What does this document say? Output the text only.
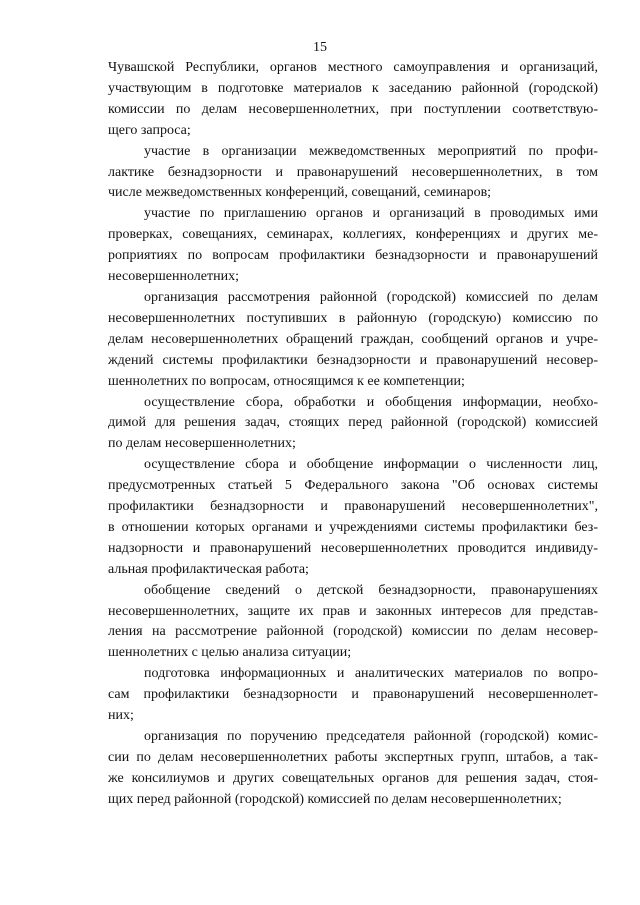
15

Чувашской Республики, органов местного самоуправления и организаций,
участвующим в подготовке материалов к заседанию районной (городской)
комиссии по делам несовершеннолетних, при поступлении соответствую-
щего запроса;

участие в организации межведомственных мероприятий по профи-
лактике безнадзорности и правонарушений несовершеннолетних, в том
числе межведомственных конференций, совещаний, семинаров;

участие по приглашению органов и организаций в проводимых ими
проверках, совещаниях, семинарах, коллегиях, конференциях и других ме-
роприятиях по вопросам профилактики безнадзорности и правонарушений
несовершеннолетних;

организация рассмотрения районной (городской) комиссией по делам
несовершеннолетних поступивших в районную (городскую) комиссию по
делам несовершеннолетних обращений граждан, сообщений органов и учре-
ждений системы профилактики безнадзорности и правонарушений несовер-
шеннолетних по вопросам, относящимся к ее компетенции;

осуществление сбора, обработки и обобщения информации, необхо-
димой для решения задач, стоящих перед районной (городской) комиссией
по делам несовершеннолетних;

осуществление сбора и обобщение информации о численности лиц,
предусмотренных статьей 5 Федерального закона "Об основах системы
профилактики безнадзорности и правонарушений несовершеннолетних",
в отношении которых органами и учреждениями системы профилактики без-
надзорности и правонарушений несовершеннолетних проводится индивиду-
альная профилактическая работа;

обобщение сведений о детской безнадзорности, правонарушениях
несовершеннолетних, защите их прав и законных интересов для представ-
ления на рассмотрение районной (городской) комиссии по делам несовер-
шеннолетних с целью анализа ситуации;

подготовка информационных и аналитических материалов по вопро-
сам профилактики безнадзорности и правонарушений несовершеннолет-
них;

организация по поручению председателя районной (городской) комис-
сии по делам несовершеннолетних работы экспертных групп, штабов, а так-
же консилиумов и других совещательных органов для решения задач, стоя-
щих перед районной (городской) комиссией по делам несовершеннолетних;
